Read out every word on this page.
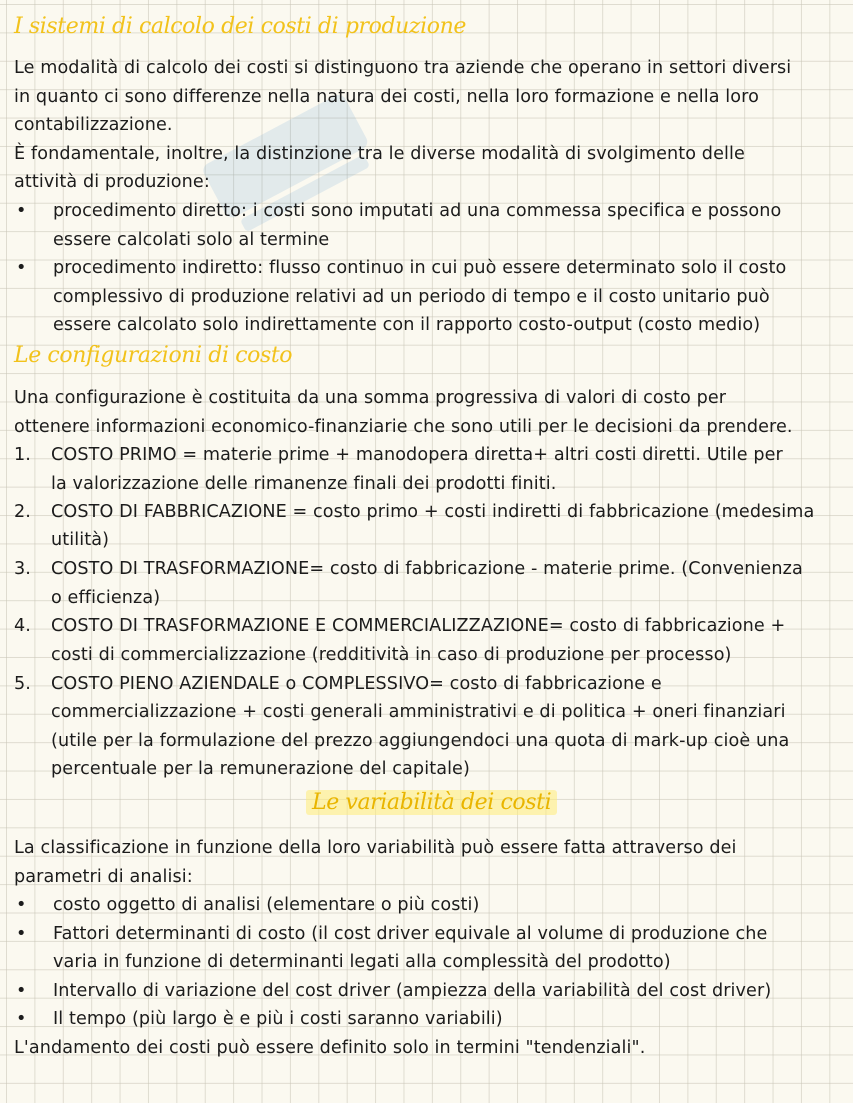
I sistemi di calcolo dei costi di produzione
Le modalità di calcolo dei costi si distinguono tra aziende che operano in settori diversi
in quanto ci sono differenze nella natura dei costi, nella loro formazione e nella loro
contabilizzazione.
È fondamentale, inoltre, la distinzione tra le diverse modalità di svolgimento delle
attività di produzione:
• procedimento diretto: i costi sono imputati ad una commessa specifica e possono
essere calcolati solo al termine
• procedimento indiretto: flusso continuo in cui può essere determinato solo il costo
complessivo di produzione relativi ad un periodo di tempo e il costo unitario può
essere calcolato solo indirettamente con il rapporto costo-output (costo medio)
Le configurazioni di costo
Una configurazione è costituita da una somma progressiva di valori di costo per
ottenere informazioni economico-finanziarie che sono utili per le decisioni da prendere.
1. COSTO PRIMO = materie prime + manodopera diretta+ altri costi diretti. Utile per
la valorizzazione delle rimanenze finali dei prodotti finiti.
2. COSTO DI FABBRICAZIONE = costo primo + costi indiretti di fabbricazione (medesima
utilità)
3. COSTO DI TRASFORMAZIONE= costo di fabbricazione - materie prime. (Convenienza
o efficienza)
4. COSTO DI TRASFORMAZIONE E COMMERCIALIZZAZIONE= costo di fabbricazione +
costi di commercializzazione (redditività in caso di produzione per processo)
5. COSTO PIENO AZIENDALE o COMPLESSIVO= costo di fabbricazione e
commercializzazione + costi generali amministrativi e di politica + oneri finanziari
(utile per la formulazione del prezzo aggiungendoci una quota di mark-up cioè una
percentuale per la remunerazione del capitale)
Le variabilità dei costi
La classificazione in funzione della loro variabilità può essere fatta attraverso dei
parametri di analisi:
• costo oggetto di analisi (elementare o più costi)
• Fattori determinanti di costo (il cost driver equivale al volume di produzione che
varia in funzione di determinanti legati alla complessità del prodotto)
• Intervallo di variazione del cost driver (ampiezza della variabilità del cost driver)
• Il tempo (più largo è e più i costi saranno variabili)
L'andamento dei costi può essere definito solo in termini "tendenziali".
